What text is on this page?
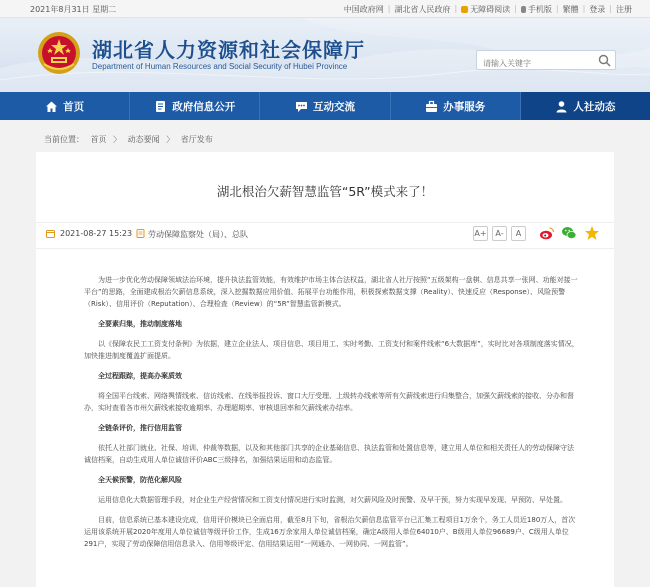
2021年8月31日 星期二	中国政府网 | 湖北省人民政府 |	无障碍阅读 |	手机版 | 繁體 | 登录 | 注册
湖北省人力资源和社会保障厅
Department of Human Resources and Social Security of Hubei Province
请输入关键字
首页	政府信息公开	互动交流	办事服务	人社动态
当前位置： 首页 〉 动态要闻 〉 省厅发布
湖北根治欠薪智慧监管“5R”模式来了！
2021-08-27 15:23 劳动保障监察处（局）、总队	A+	A-	A

为进一步优化劳动保障领域法治环境，提升执法监管效能，有效维护市场主体合法权益，湖北省人社厅按照“五级架构一盘棋、信息共享一张网、功能对接一平台”的思路，全面建成根治欠薪信息系统，深入挖掘数据应用价值、拓展平台功能作用，积极探索数据支撑（Reality）、快速反应（Response）、风险预警（Risk）、信用评价（Reputation）、合理检查（Review）的“5R”智慧监管新模式。

全要素归集，推动制度落地

以《保障农民工工资支付条例》为依据，建立企业法人、项目信息、项目用工、实时考勤、工资支付和案件线索“6大数据库”，实时比对各项制度落实情况，加快推进制度覆盖扩面提质。

全过程跟踪，提高办案质效

将全国平台线索、网络舆情线索、信访线索、在线举报投诉、窗口大厅受理、上级转办线索等所有欠薪线索进行归集整合，加强欠薪线索的接收、分办和督办，实时查看各市州欠薪线索接收逾期率、办理超期率、审核退回率和欠薪线索办结率。

全链条评价，推行信用监管

依托人社部门就业、社保、培训、仲裁等数据，以及和其他部门共享的企业基础信息、执法监管和处置信息等，建立用人单位和相关责任人的劳动保障守法诚信档案，自动生成用人单位诚信评价ABC三级排名，加强结果运用和动态监管。

全天候预警，防范化解风险

运用信息化大数据管理手段，对企业生产经营情况和工资支付情况进行实时监测，对欠薪风险及时预警、及早干预，努力实现早发现、早预防、早处置。

目前，信息系统已基本建设完成，信用评价模块已全面启用，截至8月下旬，省根治欠薪信息监管平台已汇集工程项目1万余个，务工人员近180万人，首次运用该系统开展2020年度用人单位诚信等级评价工作，生成16万余家用人单位诚信档案，确定A级用人单位64010户、B级用人单位96689户、C级用人单位291户，实现了劳动保障信用信息录入、信用等级评定、信用结果运用“一网通办、一网协同、一网监管”。
